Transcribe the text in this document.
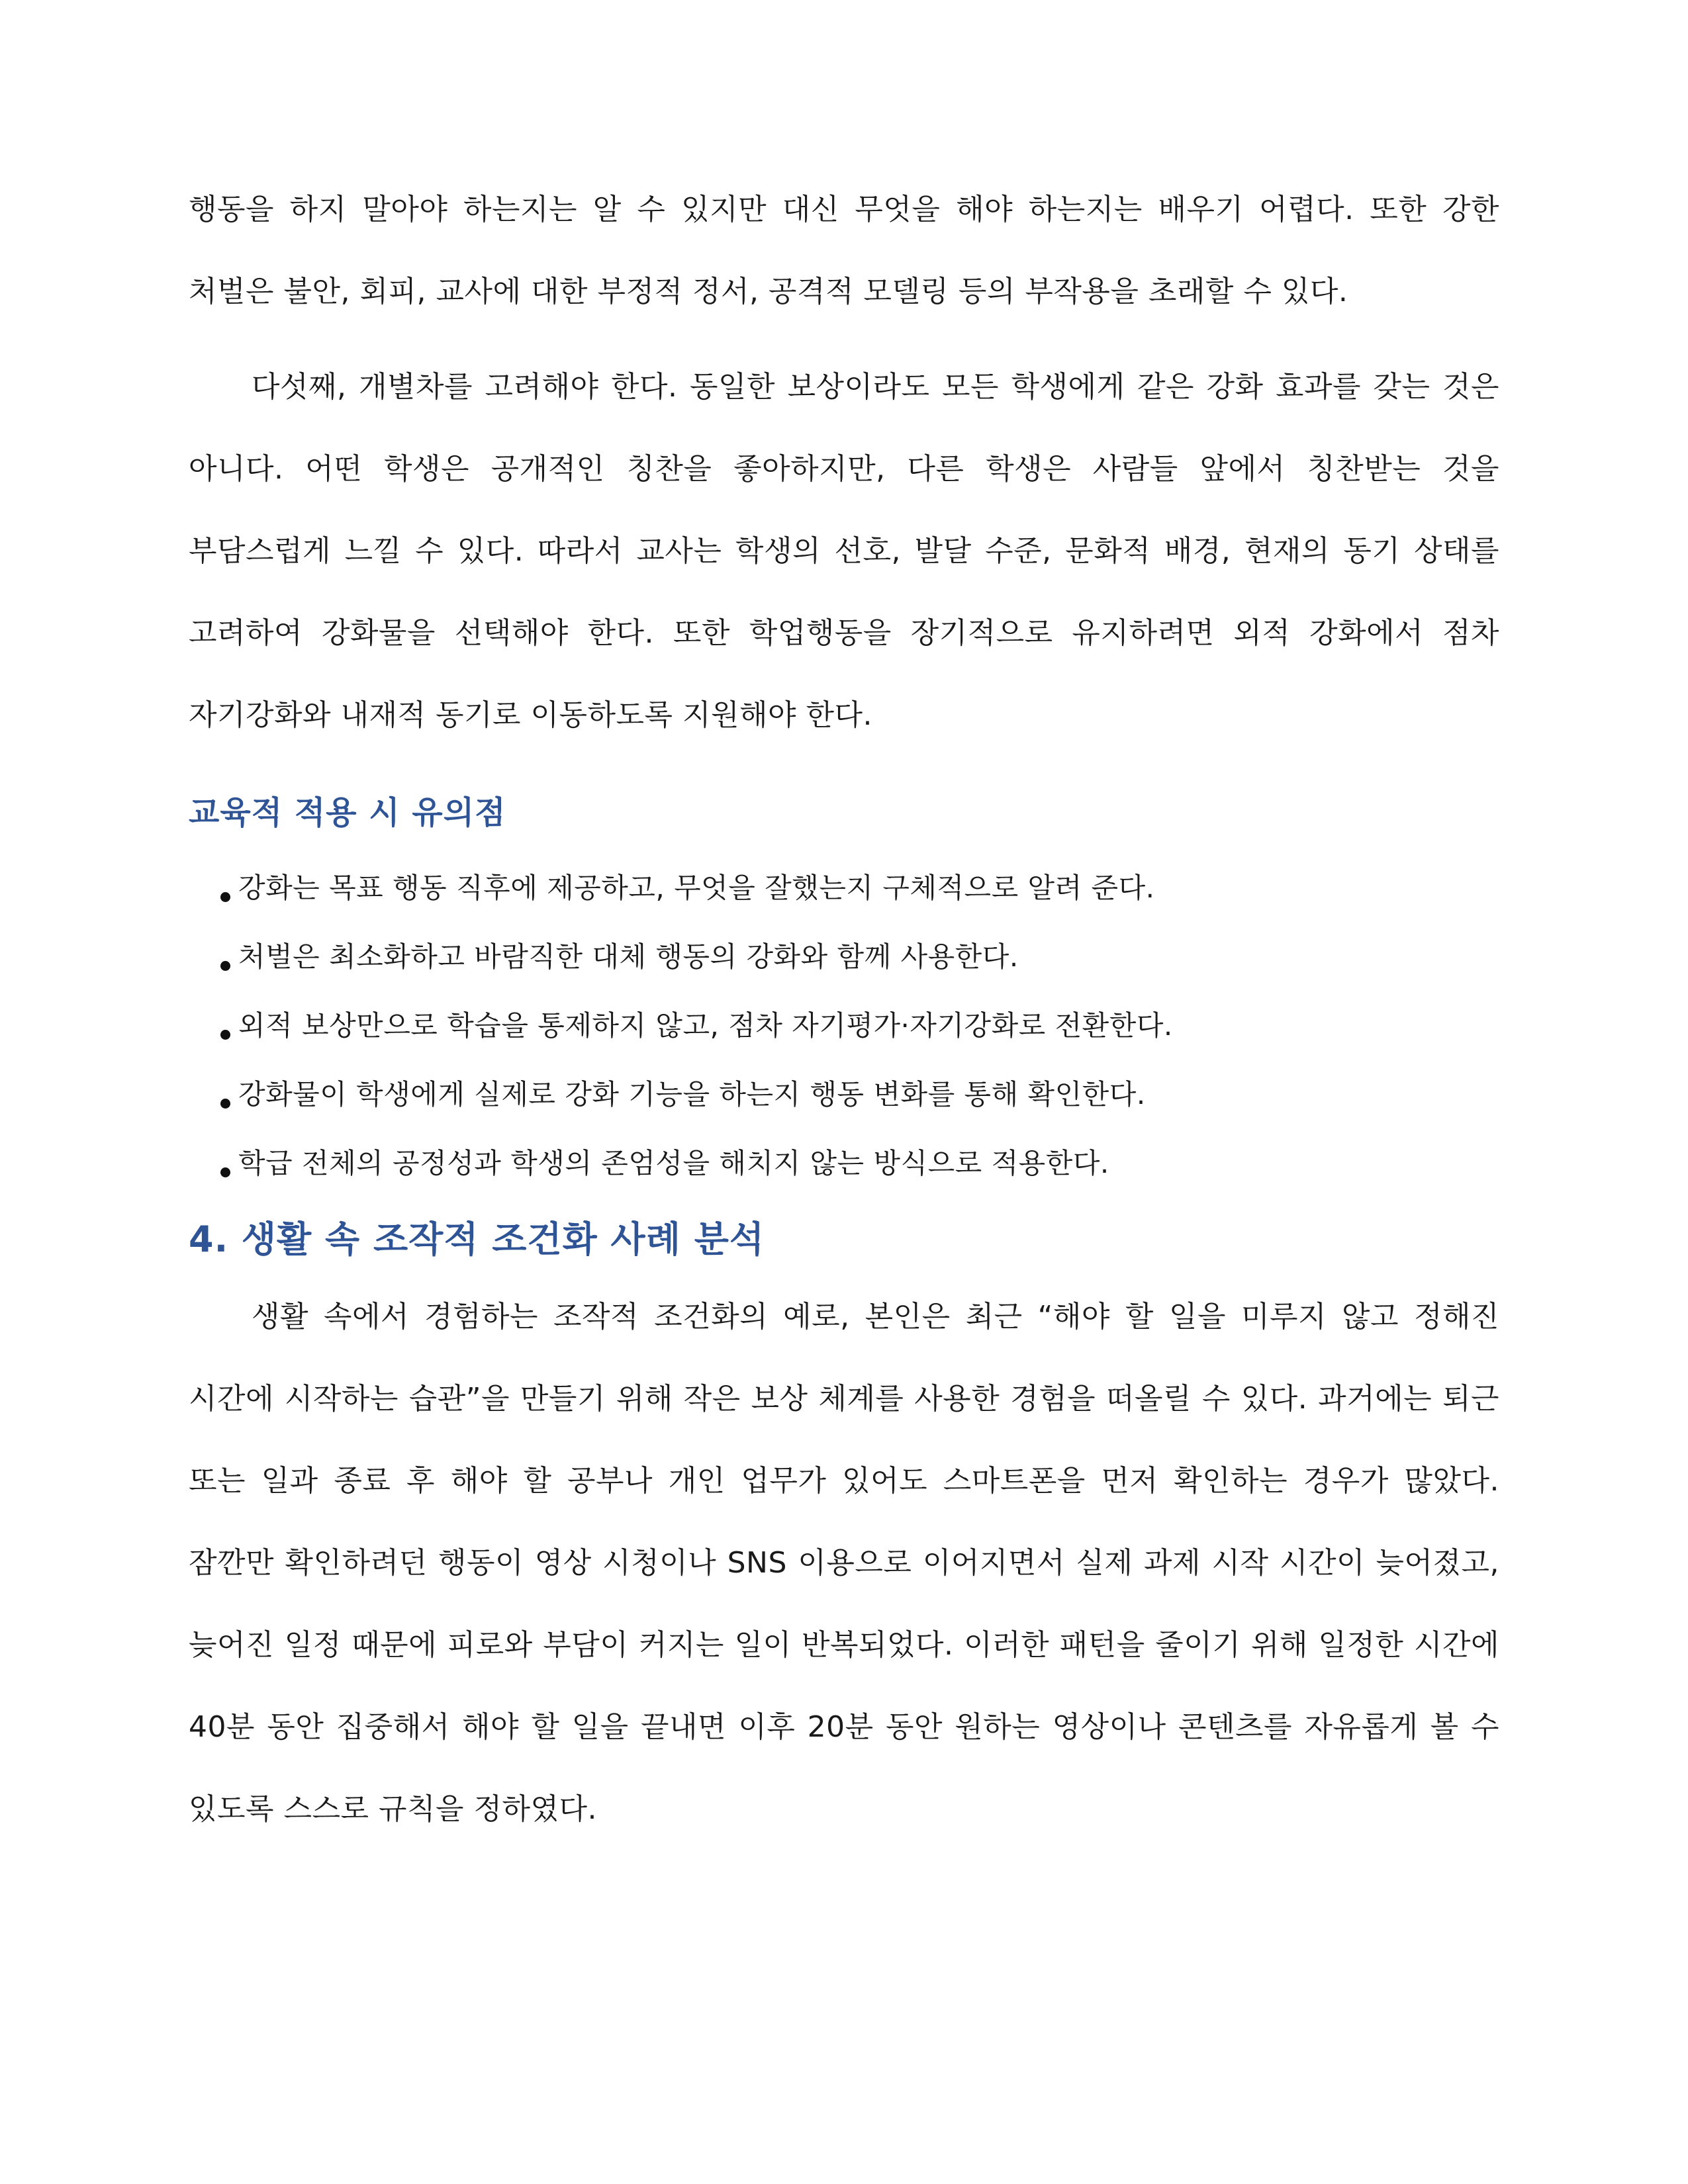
행동을 하지 말아야 하는지는 알 수 있지만 대신 무엇을 해야 하는지는 배우기 어렵다. 또한 강한 처벌은 불안, 회피, 교사에 대한 부정적 정서, 공격적 모델링 등의 부작용을 초래할 수 있다.

다섯째, 개별차를 고려해야 한다. 동일한 보상이라도 모든 학생에게 같은 강화 효과를 갖는 것은 아니다. 어떤 학생은 공개적인 칭찬을 좋아하지만, 다른 학생은 사람들 앞에서 칭찬받는 것을 부담스럽게 느낄 수 있다. 따라서 교사는 학생의 선호, 발달 수준, 문화적 배경, 현재의 동기 상태를 고려하여 강화물을 선택해야 한다. 또한 학업행동을 장기적으로 유지하려면 외적 강화에서 점차 자기강화와 내재적 동기로 이동하도록 지원해야 한다.

교육적 적용 시 유의점
강화는 목표 행동 직후에 제공하고, 무엇을 잘했는지 구체적으로 알려 준다.
처벌은 최소화하고 바람직한 대체 행동의 강화와 함께 사용한다.
외적 보상만으로 학습을 통제하지 않고, 점차 자기평가·자기강화로 전환한다.
강화물이 학생에게 실제로 강화 기능을 하는지 행동 변화를 통해 확인한다.
학급 전체의 공정성과 학생의 존엄성을 해치지 않는 방식으로 적용한다.
4. 생활 속 조작적 조건화 사례 분석

생활 속에서 경험하는 조작적 조건화의 예로, 본인은 최근 “해야 할 일을 미루지 않고 정해진 시간에 시작하는 습관”을 만들기 위해 작은 보상 체계를 사용한 경험을 떠올릴 수 있다. 과거에는 퇴근 또는 일과 종료 후 해야 할 공부나 개인 업무가 있어도 스마트폰을 먼저 확인하는 경우가 많았다. 잠깐만 확인하려던 행동이 영상 시청이나 SNS 이용으로 이어지면서 실제 과제 시작 시간이 늦어졌고, 늦어진 일정 때문에 피로와 부담이 커지는 일이 반복되었다. 이러한 패턴을 줄이기 위해 일정한 시간에 40분 동안 집중해서 해야 할 일을 끝내면 이후 20분 동안 원하는 영상이나 콘텐츠를 자유롭게 볼 수 있도록 스스로 규칙을 정하였다.
